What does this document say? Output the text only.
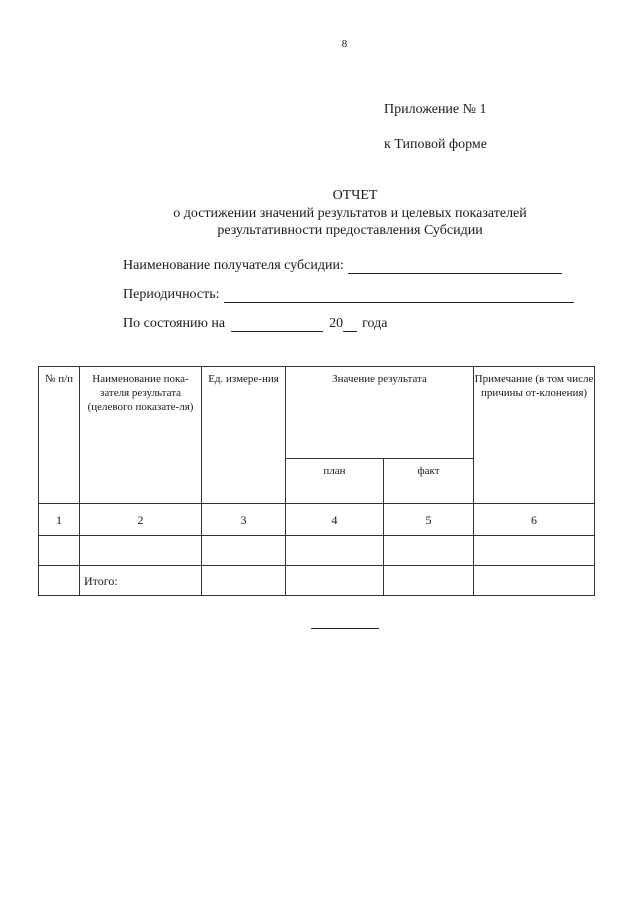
8
Приложение № 1
к Типовой форме
ОТЧЕТ
о достижении значений результатов и целевых показателей
результативности предоставления Субсидии
Наименование получателя субсидии:
Периодичность:
По состоянию на	20 года
№ п/п	Наименование пока-зателя результата (целевого показате-ля)	Ед. измере-ния	Значение результата		Примечание (в том числе причины от-клонения)
			план	факт	
1	2	3	4	5	6

	Итого:				
